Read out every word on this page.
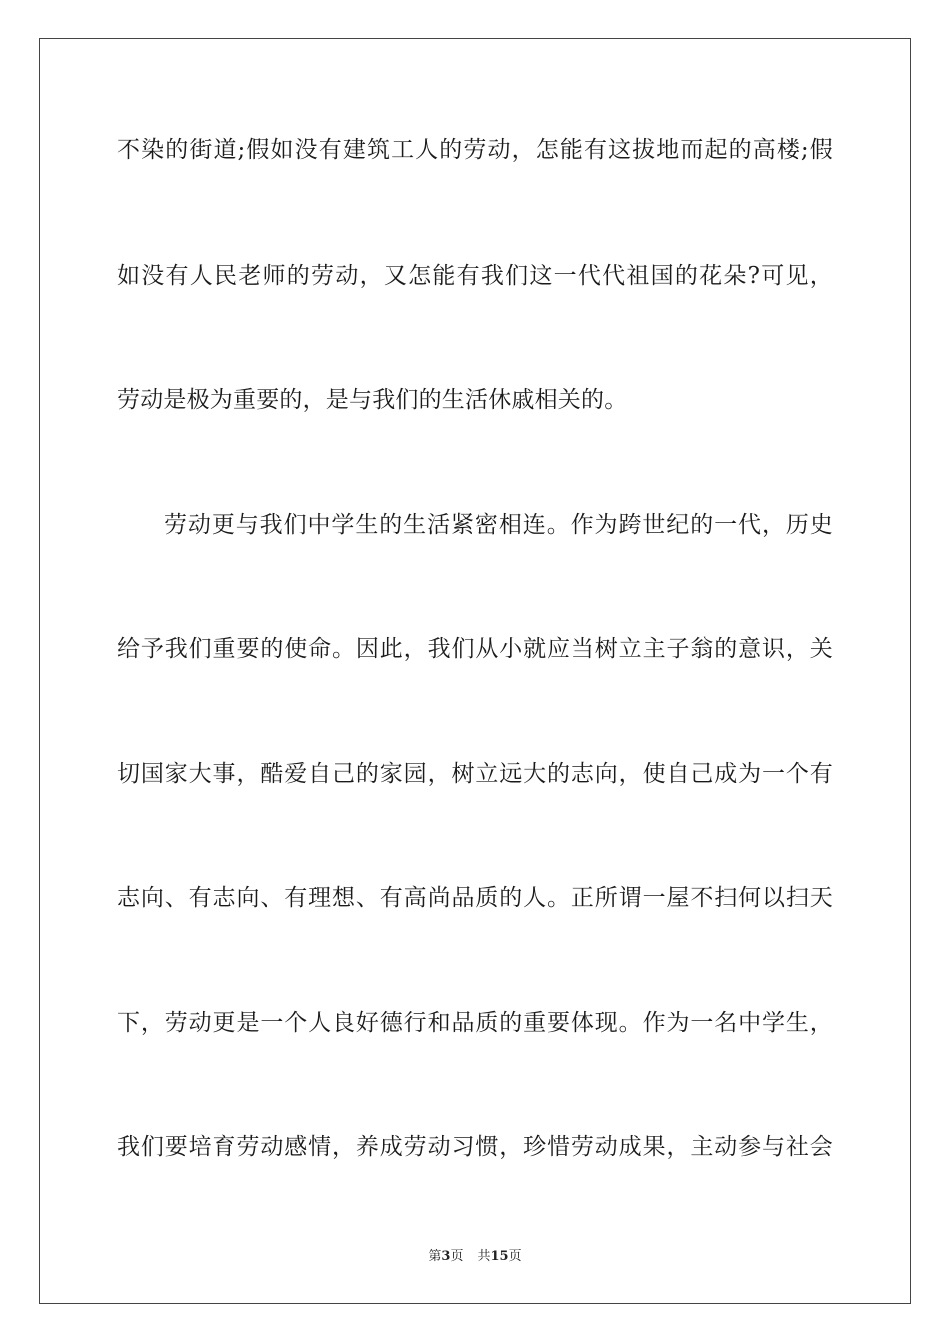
不染的街道;假如没有建筑工人的劳动，怎能有这拔地而起的高楼;假
如没有人民老师的劳动，又怎能有我们这一代代祖国的花朵?可见，
劳动是极为重要的，是与我们的生活休戚相关的。
劳动更与我们中学生的生活紧密相连。作为跨世纪的一代，历史
给予我们重要的使命。因此，我们从小就应当树立主子翁的意识，关
切国家大事，酷爱自己的家园，树立远大的志向，使自己成为一个有
志向、有志向、有理想、有高尚品质的人。正所谓一屋不扫何以扫天
下，劳动更是一个人良好德行和品质的重要体现。作为一名中学生，
我们要培育劳动感情，养成劳动习惯，珍惜劳动成果，主动参与社会
第3页 共15页
